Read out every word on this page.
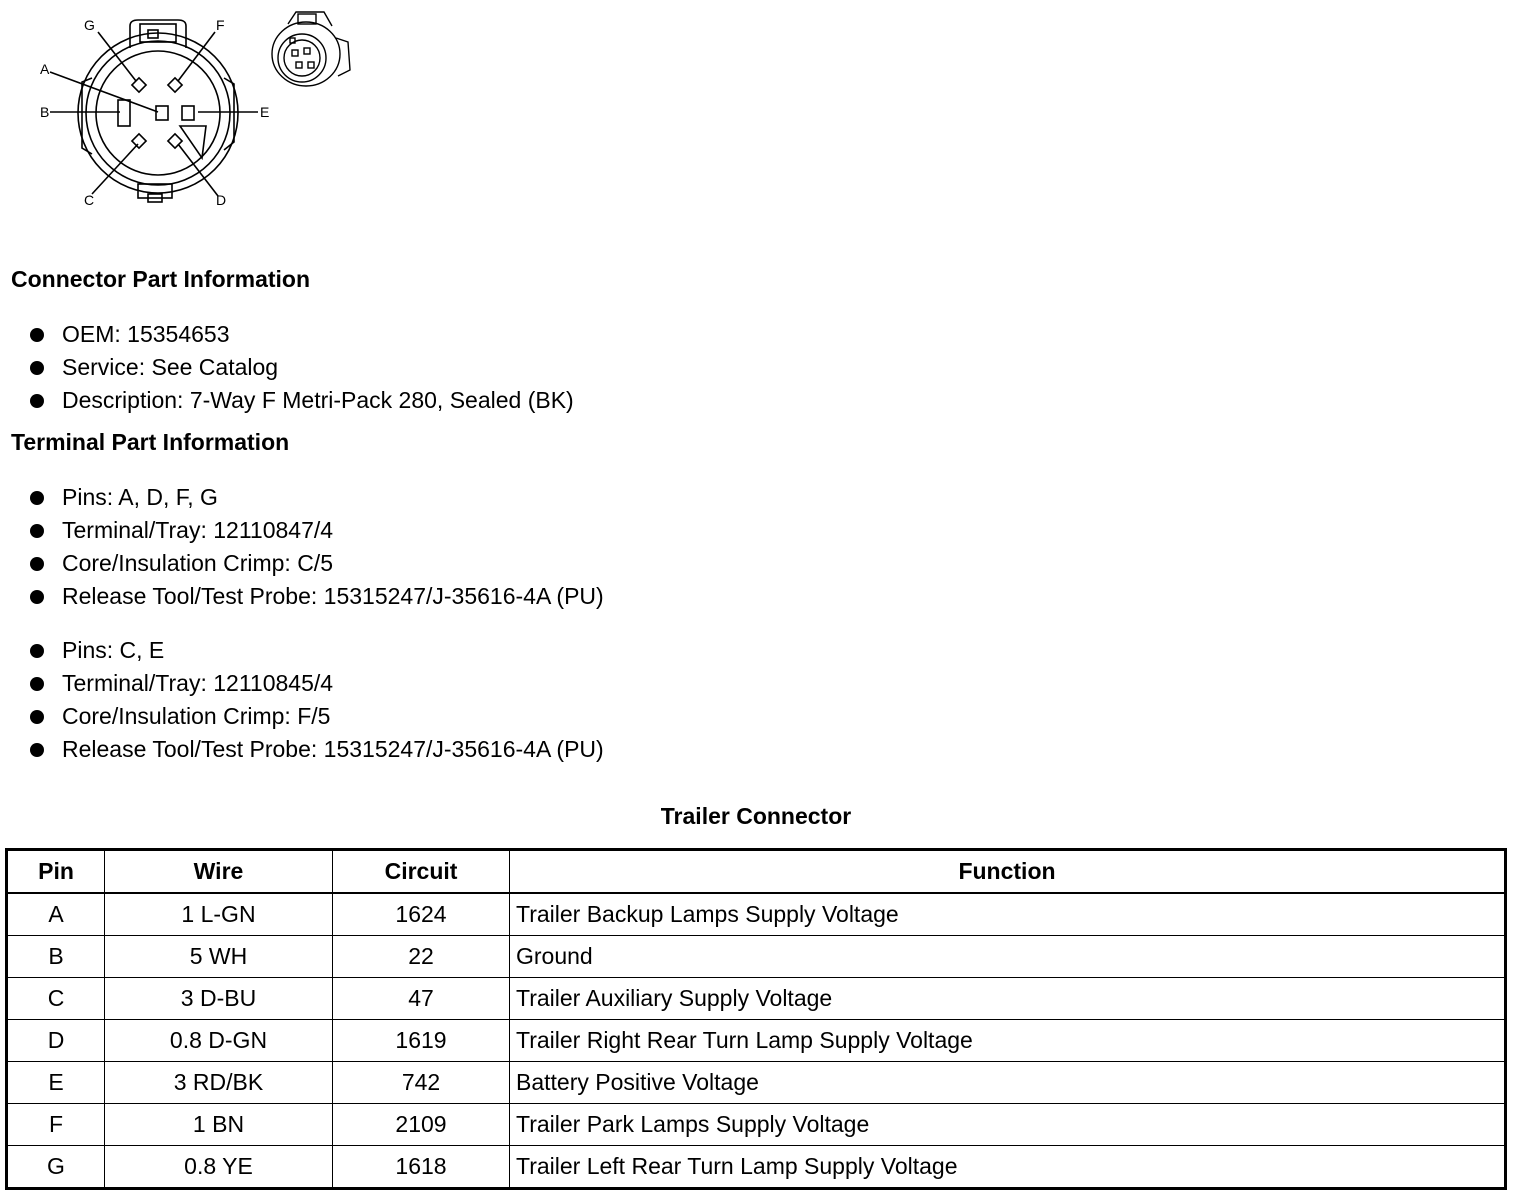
G	F
A
B	E
C	D
Connector Part Information
OEM: 15354653
Service: See Catalog
Description: 7-Way F Metri-Pack 280, Sealed (BK)
Terminal Part Information
Pins: A, D, F, G
Terminal/Tray: 12110847/4
Core/Insulation Crimp: C/5
Release Tool/Test Probe: 15315247/J-35616-4A (PU)
Pins: C, E
Terminal/Tray: 12110845/4
Core/Insulation Crimp: F/5
Release Tool/Test Probe: 15315247/J-35616-4A (PU)
Trailer Connector
Pin	Wire	Circuit	Function
A	1 L-GN	1624	Trailer Backup Lamps Supply Voltage
B	5 WH	22	Ground
C	3 D-BU	47	Trailer Auxiliary Supply Voltage
D	0.8 D-GN	1619	Trailer Right Rear Turn Lamp Supply Voltage
E	3 RD/BK	742	Battery Positive Voltage
F	1 BN	2109	Trailer Park Lamps Supply Voltage
G	0.8 YE	1618	Trailer Left Rear Turn Lamp Supply Voltage
